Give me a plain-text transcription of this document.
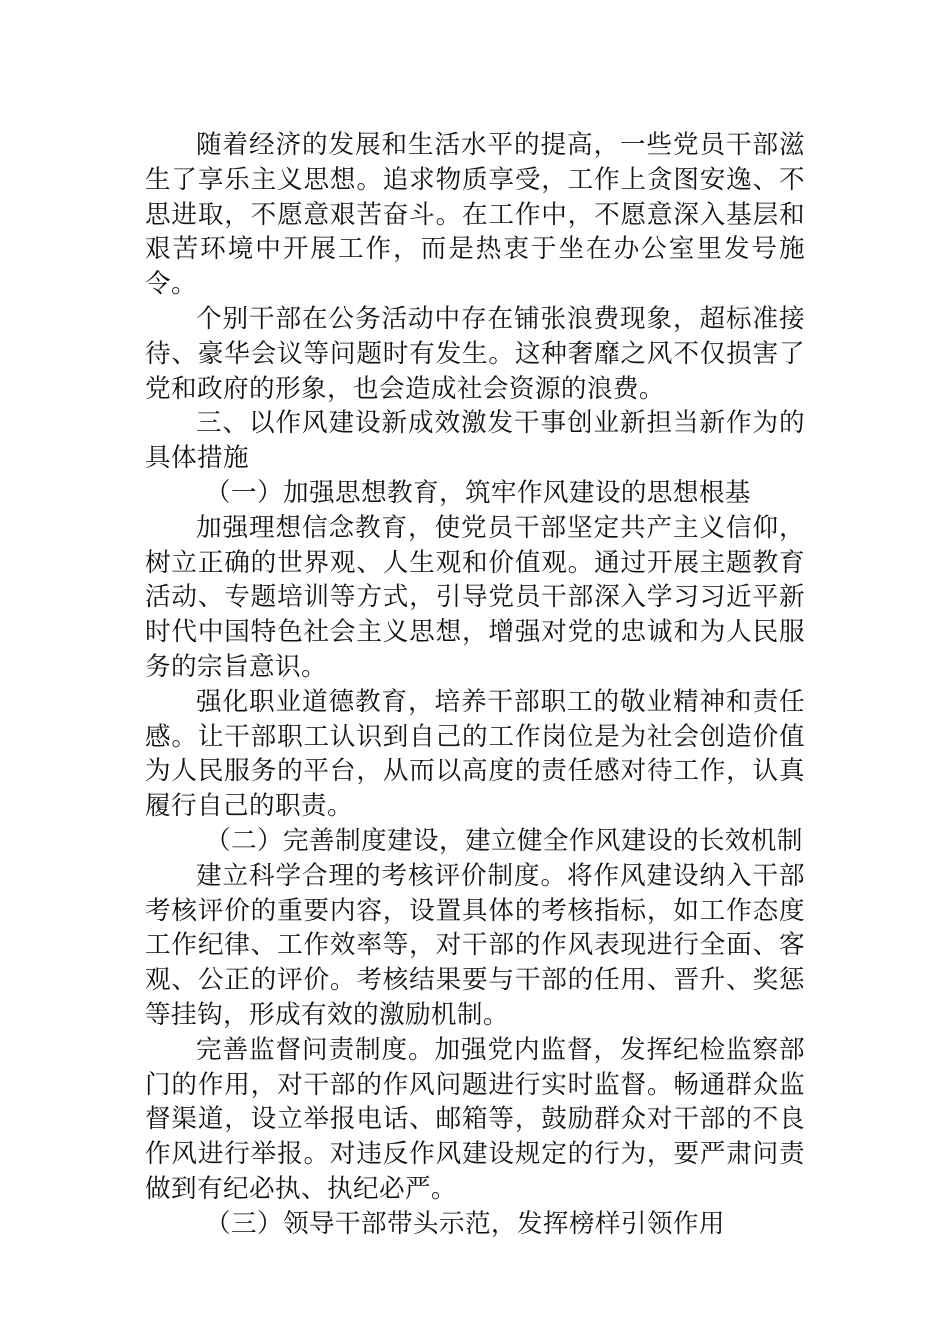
随着经济的发展和生活水平的提高，一些党员干部滋生了享乐主义思想。追求物质享受，工作上贪图安逸、不思进取，不愿意艰苦奋斗。在工作中，不愿意深入基层和艰苦环境中开展工作，而是热衷于坐在办公室里发号施令。

个别干部在公务活动中存在铺张浪费现象，超标准接待、豪华会议等问题时有发生。这种奢靡之风不仅损害了党和政府的形象，也会造成社会资源的浪费。

三、以作风建设新成效激发干事创业新担当新作为的具体措施

（一）加强思想教育，筑牢作风建设的思想根基

加强理想信念教育，使党员干部坚定共产主义信仰，树立正确的世界观、人生观和价值观。通过开展主题教育活动、专题培训等方式，引导党员干部深入学习习近平新时代中国特色社会主义思想，增强对党的忠诚和为人民服务的宗旨意识。

强化职业道德教育，培养干部职工的敬业精神和责任感。让干部职工认识到自己的工作岗位是为社会创造价值为人民服务的平台，从而以高度的责任感对待工作，认真履行自己的职责。

（二）完善制度建设，建立健全作风建设的长效机制

建立科学合理的考核评价制度。将作风建设纳入干部考核评价的重要内容，设置具体的考核指标，如工作态度工作纪律、工作效率等，对干部的作风表现进行全面、客观、公正的评价。考核结果要与干部的任用、晋升、奖惩等挂钩，形成有效的激励机制。

完善监督问责制度。加强党内监督，发挥纪检监察部门的作用，对干部的作风问题进行实时监督。畅通群众监督渠道，设立举报电话、邮箱等，鼓励群众对干部的不良作风进行举报。对违反作风建设规定的行为，要严肃问责做到有纪必执、执纪必严。

（三）领导干部带头示范，发挥榜样引领作用
